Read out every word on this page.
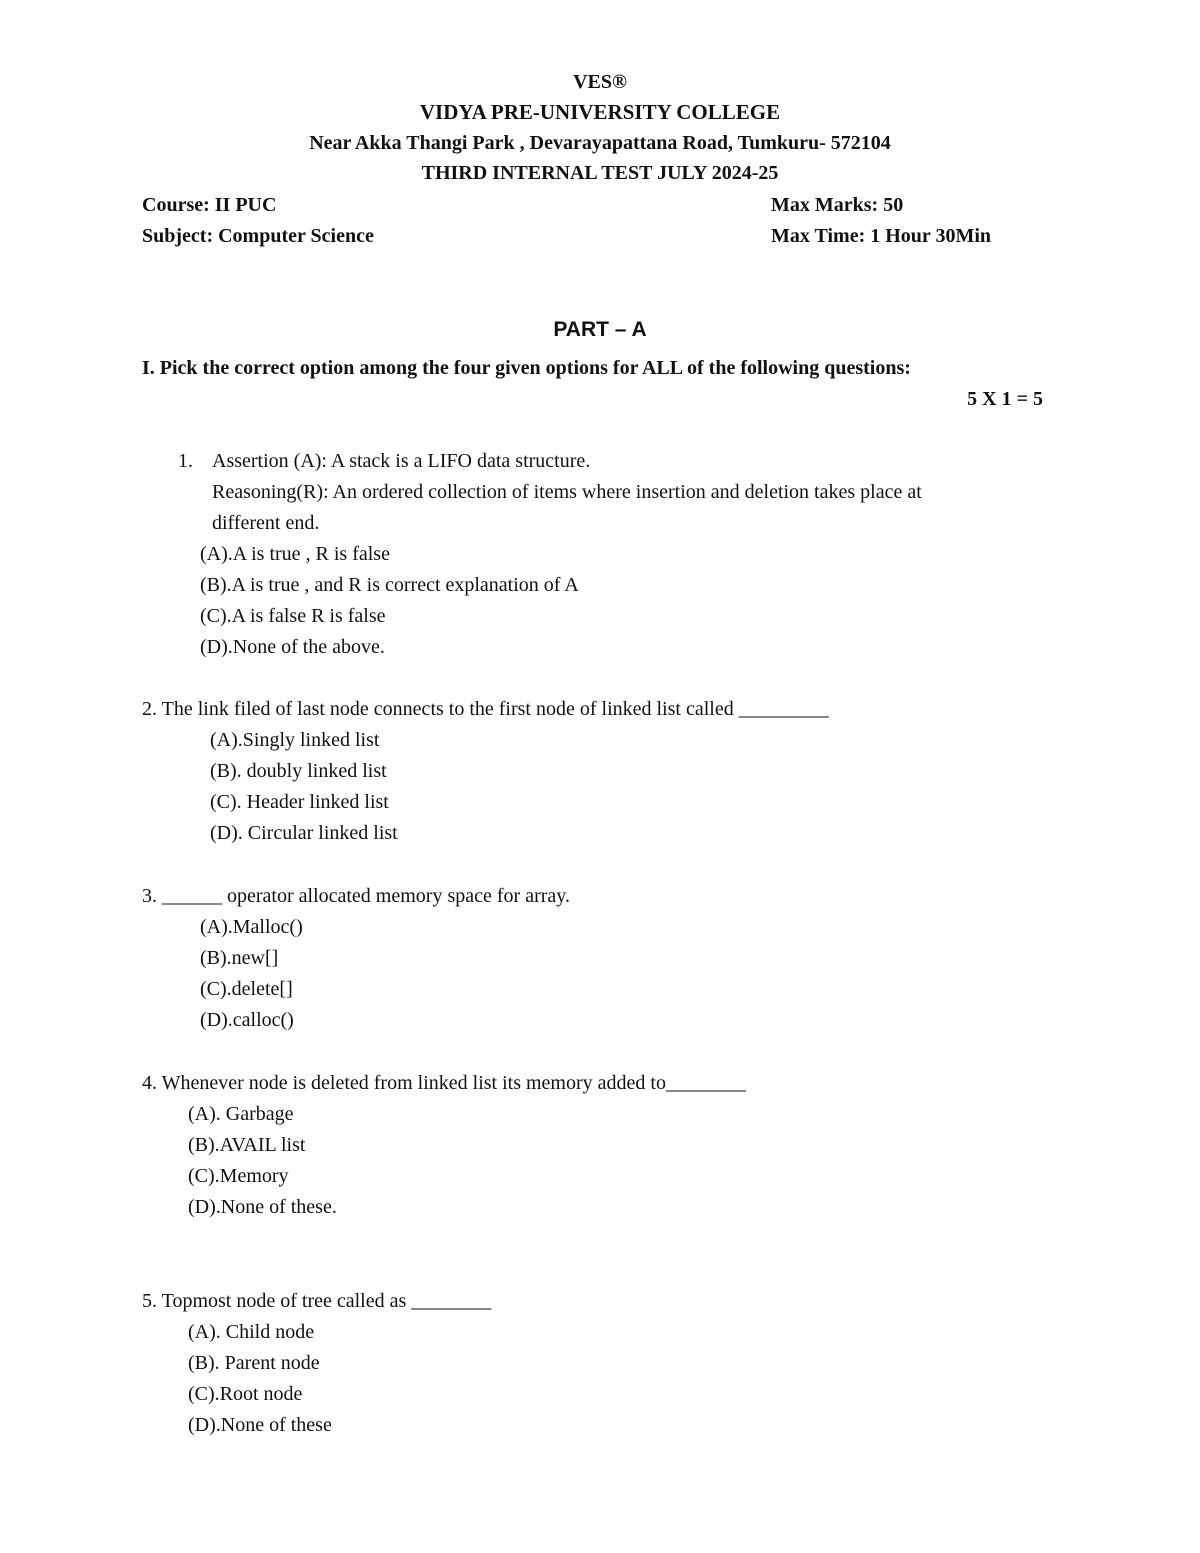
VES®
VIDYA PRE-UNIVERSITY COLLEGE
Near Akka Thangi Park , Devarayapattana Road, Tumkuru- 572104
THIRD INTERNAL TEST JULY 2024-25
Course: II PUC	Max Marks: 50
Subject: Computer Science	Max Time: 1 Hour 30Min
PART – A
I. Pick the correct option among the four given options for ALL of the following questions:
5 X 1 = 5
1. Assertion (A): A stack is a LIFO data structure.
Reasoning(R): An ordered collection of items where insertion and deletion takes place at
different end.
(A).A is true , R is false
(B).A is true , and R is correct explanation of A
(C).A is false R is false
(D).None of the above.
2. The link filed of last node connects to the first node of linked list called _________
(A).Singly linked list
(B). doubly linked list
(C). Header linked list
(D). Circular linked list
3. ______ operator allocated memory space for array.
(A).Malloc()
(B).new[]
(C).delete[]
(D).calloc()
4. Whenever node is deleted from linked list its memory added to________
(A). Garbage
(B).AVAIL list
(C).Memory
(D).None of these.
5. Topmost node of tree called as ________
(A). Child node
(B). Parent node
(C).Root node
(D).None of these
